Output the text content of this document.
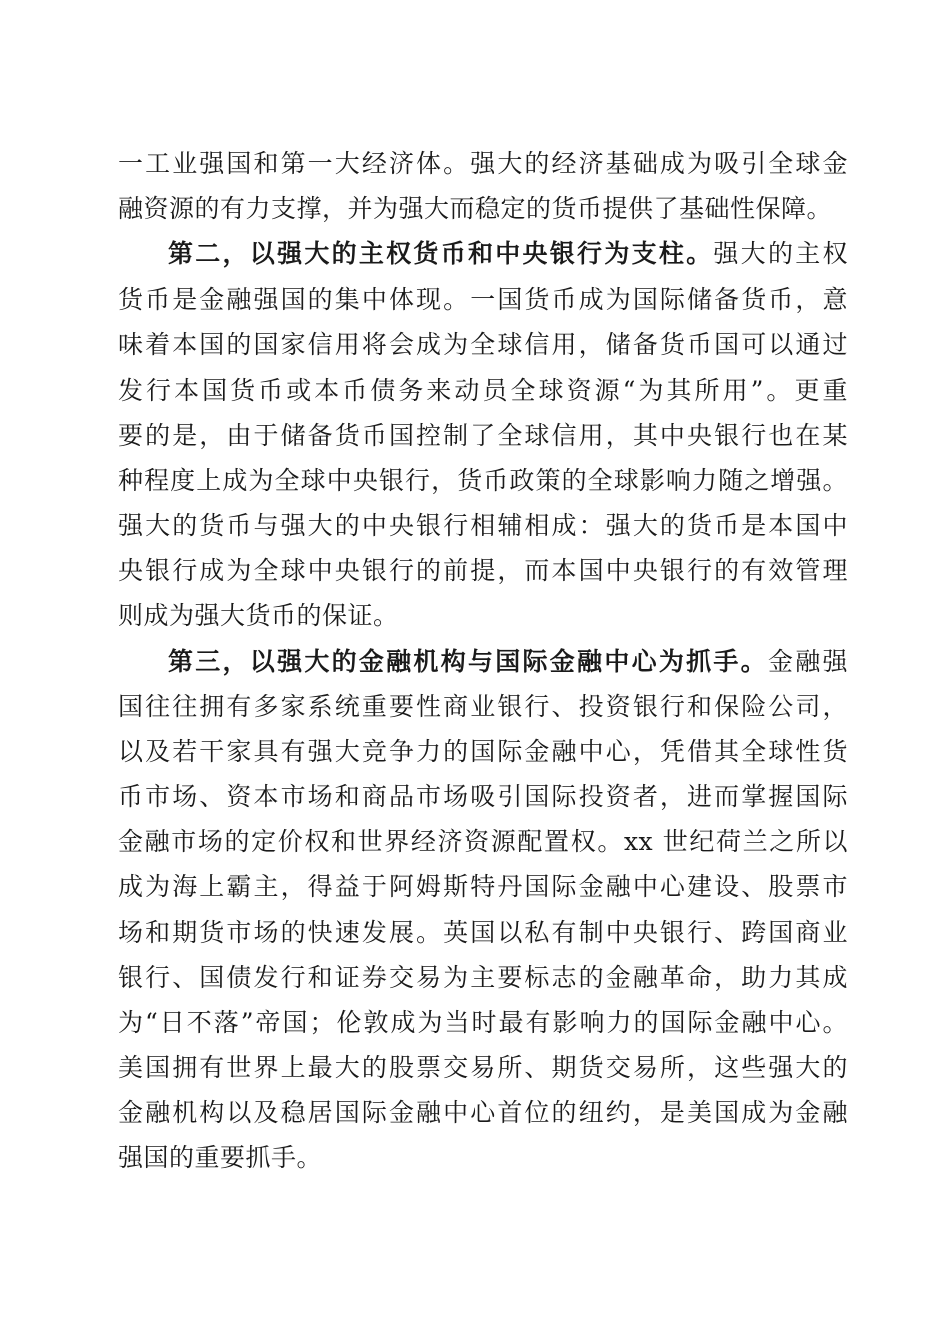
一工业强国和第一大经济体。强大的经济基础成为吸引全球金
融资源的有力支撑，并为强大而稳定的货币提供了基础性保障。
第二，以强大的主权货币和中央银行为支柱。强大的主权
货币是金融强国的集中体现。一国货币成为国际储备货币，意
味着本国的国家信用将会成为全球信用，储备货币国可以通过
发行本国货币或本币债务来动员全球资源“为其所用”。更重
要的是，由于储备货币国控制了全球信用，其中央银行也在某
种程度上成为全球中央银行，货币政策的全球影响力随之增强。
强大的货币与强大的中央银行相辅相成：强大的货币是本国中
央银行成为全球中央银行的前提，而本国中央银行的有效管理
则成为强大货币的保证。
第三，以强大的金融机构与国际金融中心为抓手。金融强
国往往拥有多家系统重要性商业银行、投资银行和保险公司，
以及若干家具有强大竞争力的国际金融中心，凭借其全球性货
币市场、资本市场和商品市场吸引国际投资者，进而掌握国际
金融市场的定价权和世界经济资源配置权。xx 世纪荷兰之所以
成为海上霸主，得益于阿姆斯特丹国际金融中心建设、股票市
场和期货市场的快速发展。英国以私有制中央银行、跨国商业
银行、国债发行和证券交易为主要标志的金融革命，助力其成
为“日不落”帝国；伦敦成为当时最有影响力的国际金融中心。
美国拥有世界上最大的股票交易所、期货交易所，这些强大的
金融机构以及稳居国际金融中心首位的纽约，是美国成为金融
强国的重要抓手。
